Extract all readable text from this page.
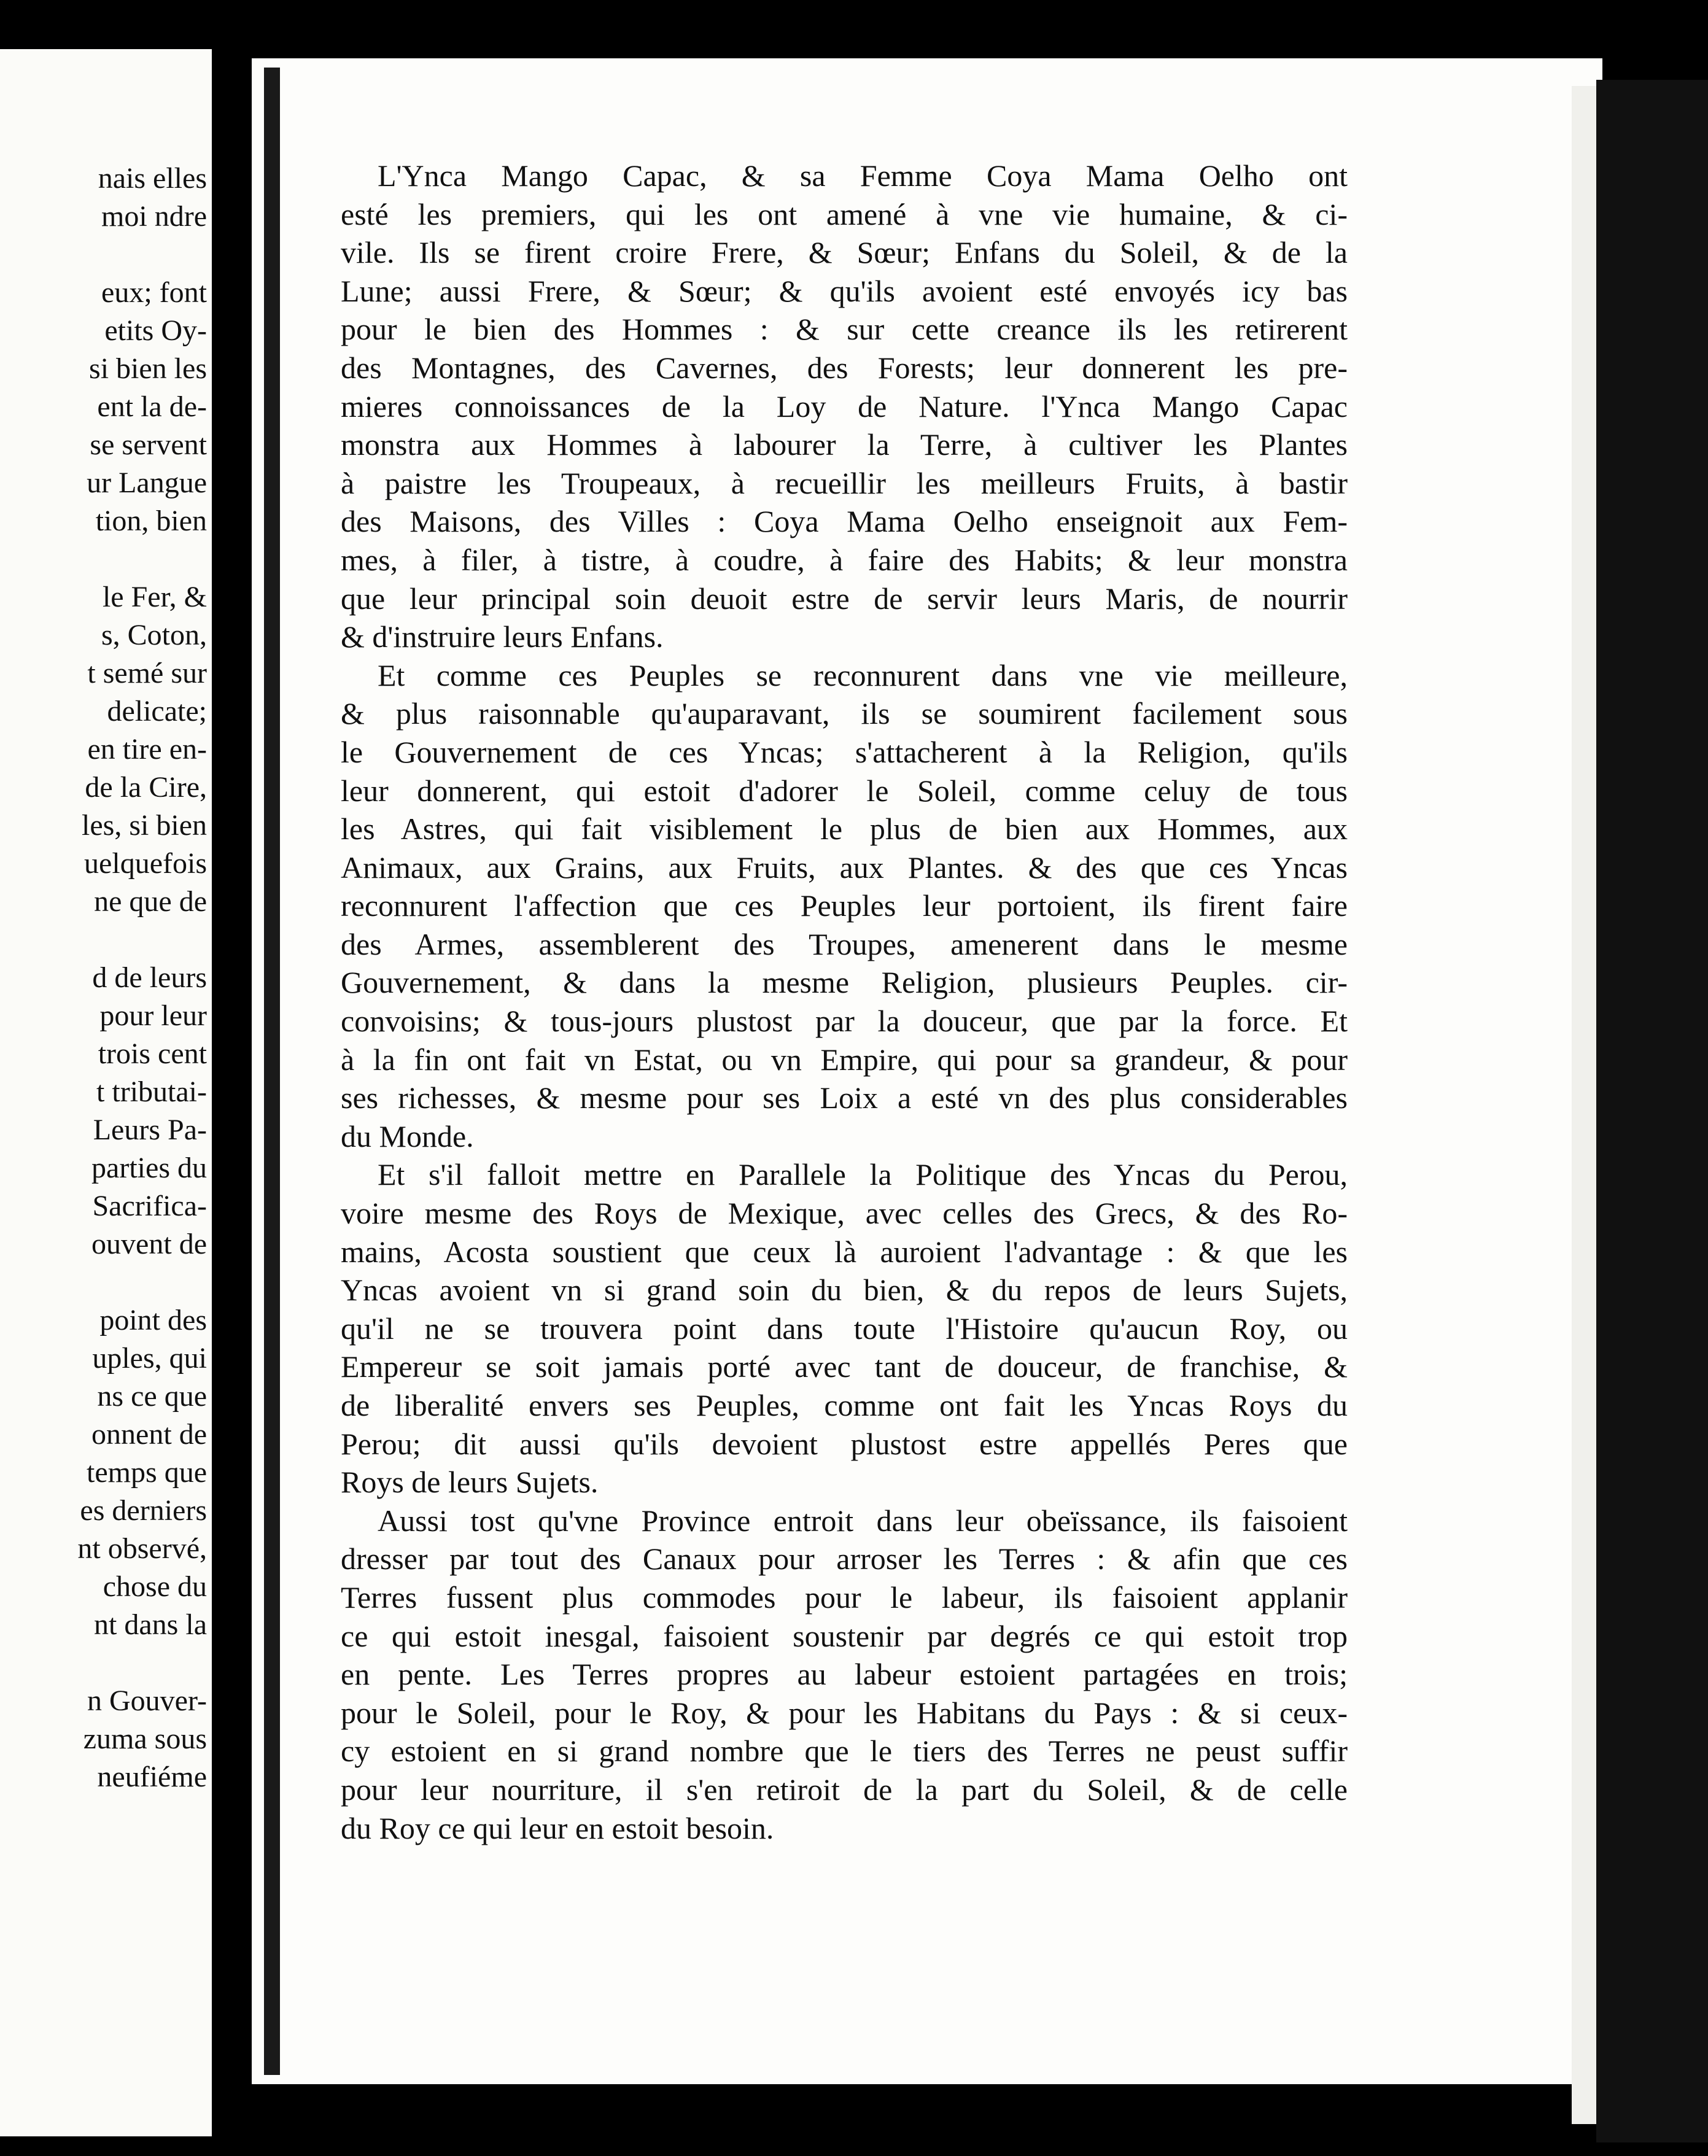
nais elles
moi ndre
eux; font
etits Oy-
si bien les
ent la de-
se servent
ur Langue
tion, bien
le Fer, &
s, Coton,
t semé sur
delicate;
en tire en-
de la Cire,
les, si bien
uelquefois
ne que de
d de leurs
pour leur
trois cent
t tributai-
Leurs Pa-
parties du
Sacrifica-
ouvent de
point des
uples, qui
ns ce que
onnent de
temps que
es derniers
nt observé,
chose du
nt dans la
n Gouver-
zuma sous
neufiéme
L'Ynca Mango Capac, & sa Femme Coya Mama Oelho ont
esté les premiers, qui les ont amené à vne vie humaine, & ci-
vile. Ils se firent croire Frere, & Sœur; Enfans du Soleil, & de la
Lune; aussi Frere, & Sœur; & qu'ils avoient esté envoyés icy bas
pour le bien des Hommes : & sur cette creance ils les retirerent
des Montagnes, des Cavernes, des Forests; leur donnerent les pre-
mieres connoissances de la Loy de Nature. l'Ynca Mango Capac
monstra aux Hommes à labourer la Terre, à cultiver les Plantes
à paistre les Troupeaux, à recueillir les meilleurs Fruits, à bastir
des Maisons, des Villes : Coya Mama Oelho enseignoit aux Fem-
mes, à filer, à tistre, à coudre, à faire des Habits; & leur monstra
que leur principal soin deuoit estre de servir leurs Maris, de nourrir
& d'instruire leurs Enfans.
Et comme ces Peuples se reconnurent dans vne vie meilleure,
& plus raisonnable qu'auparavant, ils se soumirent facilement sous
le Gouvernement de ces Yncas; s'attacherent à la Religion, qu'ils
leur donnerent, qui estoit d'adorer le Soleil, comme celuy de tous
les Astres, qui fait visiblement le plus de bien aux Hommes, aux
Animaux, aux Grains, aux Fruits, aux Plantes. & des que ces Yncas
reconnurent l'affection que ces Peuples leur portoient, ils firent faire
des Armes, assemblerent des Troupes, amenerent dans le mesme
Gouvernement, & dans la mesme Religion, plusieurs Peuples. cir-
convoisins; & tous-jours plustost par la douceur, que par la force. Et
à la fin ont fait vn Estat, ou vn Empire, qui pour sa grandeur, & pour
ses richesses, & mesme pour ses Loix a esté vn des plus considerables
du Monde.
Et s'il falloit mettre en Parallele la Politique des Yncas du Perou,
voire mesme des Roys de Mexique, avec celles des Grecs, & des Ro-
mains, Acosta soustient que ceux là auroient l'advantage : & que les
Yncas avoient vn si grand soin du bien, & du repos de leurs Sujets,
qu'il ne se trouvera point dans toute l'Histoire qu'aucun Roy, ou
Empereur se soit jamais porté avec tant de douceur, de franchise, &
de liberalité envers ses Peuples, comme ont fait les Yncas Roys du
Perou; dit aussi qu'ils devoient plustost estre appellés Peres que
Roys de leurs Sujets.
Aussi tost qu'vne Province entroit dans leur obeïssance, ils faisoient
dresser par tout des Canaux pour arroser les Terres : & afin que ces
Terres fussent plus commodes pour le labeur, ils faisoient applanir
ce qui estoit inesgal, faisoient soustenir par degrés ce qui estoit trop
en pente. Les Terres propres au labeur estoient partagées en trois;
pour le Soleil, pour le Roy, & pour les Habitans du Pays : & si ceux-
cy estoient en si grand nombre que le tiers des Terres ne peust suffir
pour leur nourriture, il s'en retiroit de la part du Soleil, & de celle
du Roy ce qui leur en estoit besoin.
